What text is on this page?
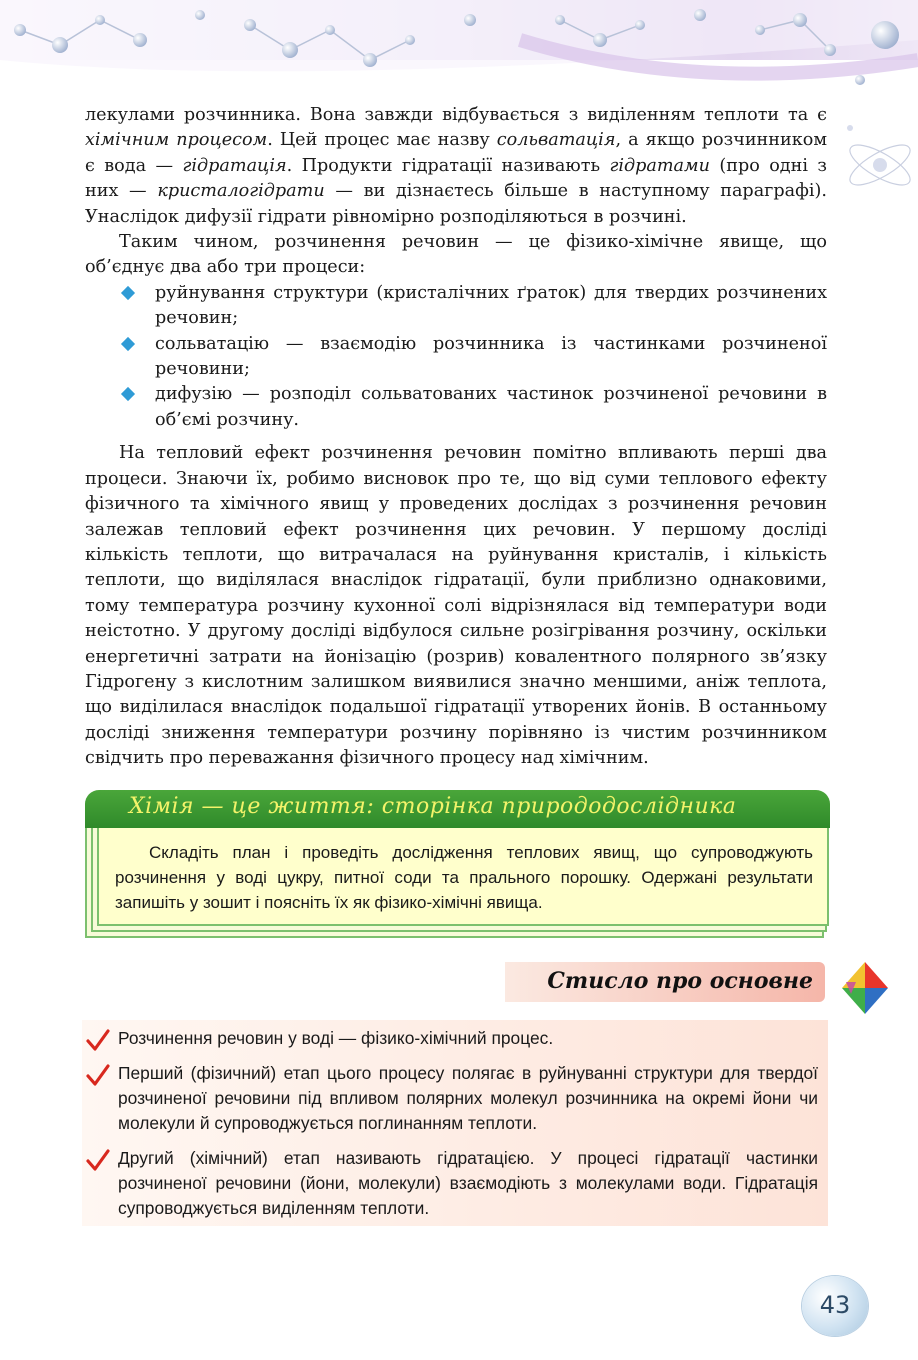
лекулами розчинника. Вона завжди відбувається з виділенням теплоти та є хімічним процесом. Цей процес має назву сольватація, а якщо розчинником є вода — гідратація. Продукти гідратації називають гідратами (про одні з них — кристалогідрати — ви дізнаєтесь більше в наступному параграфі). Унаслідок дифузії гідрати рівномірно розподіляються в розчині.

Таким чином, розчинення речовин — це фізико-хімічне явище, що об’єднує два або три процеси:

руйнування структури (кристалічних ґраток) для твердих розчинених речовин;
сольватацію — взаємодію розчинника із частинками розчиненої речовини;
дифузію — розподіл сольватованих частинок розчиненої речовини в об’ємі розчину.

На тепловий ефект розчинення речовин помітно впливають перші два процеси. Знаючи їх, робимо висновок про те, що від суми теплового ефекту фізичного та хімічного явищ у проведених дослідах з розчинення речовин залежав тепловий ефект розчинення цих речовин. У першому досліді кількість теплоти, що витрачалася на руйнування кристалів, і кількість теплоти, що виділялася внаслідок гідратації, були приблизно однаковими, тому температура розчину кухонної солі відрізнялася від температури води неістотно. У другому досліді відбулося сильне розігрівання розчину, оскільки енергетичні затрати на йонізацію (розрив) ковалентного полярного зв’язку Гідрогену з кислотним залишком виявилися значно меншими, аніж теплота, що виділилася внаслідок подальшої гідратації утворених йонів. В останньому досліді зниження температури розчину порівняно із чистим розчинником свідчить про переважання фізичного процесу над хімічним.

Хімія — це життя: сторінка природодослідника
Складіть план і проведіть дослідження теплових явищ, що супроводжують розчинення у воді цукру, питної соди та прального порошку. Одержані результати запишіть у зошит і поясніть їх як фізико-хімічні явища.
Стисло про основне
Розчинення речовин у воді — фізико-хімічний процес.
Перший (фізичний) етап цього процесу полягає в руйнуванні структури для твердої розчиненої речовини під впливом полярних молекул розчинника на окремі йони чи молекули й супроводжується поглинанням теплоти.
Другий (хімічний) етап називають гідратацією. У процесі гідратації частинки розчиненої речовини (йони, молекули) взаємодіють з молекулами води. Гідратація супроводжується виділенням теплоти.
43
